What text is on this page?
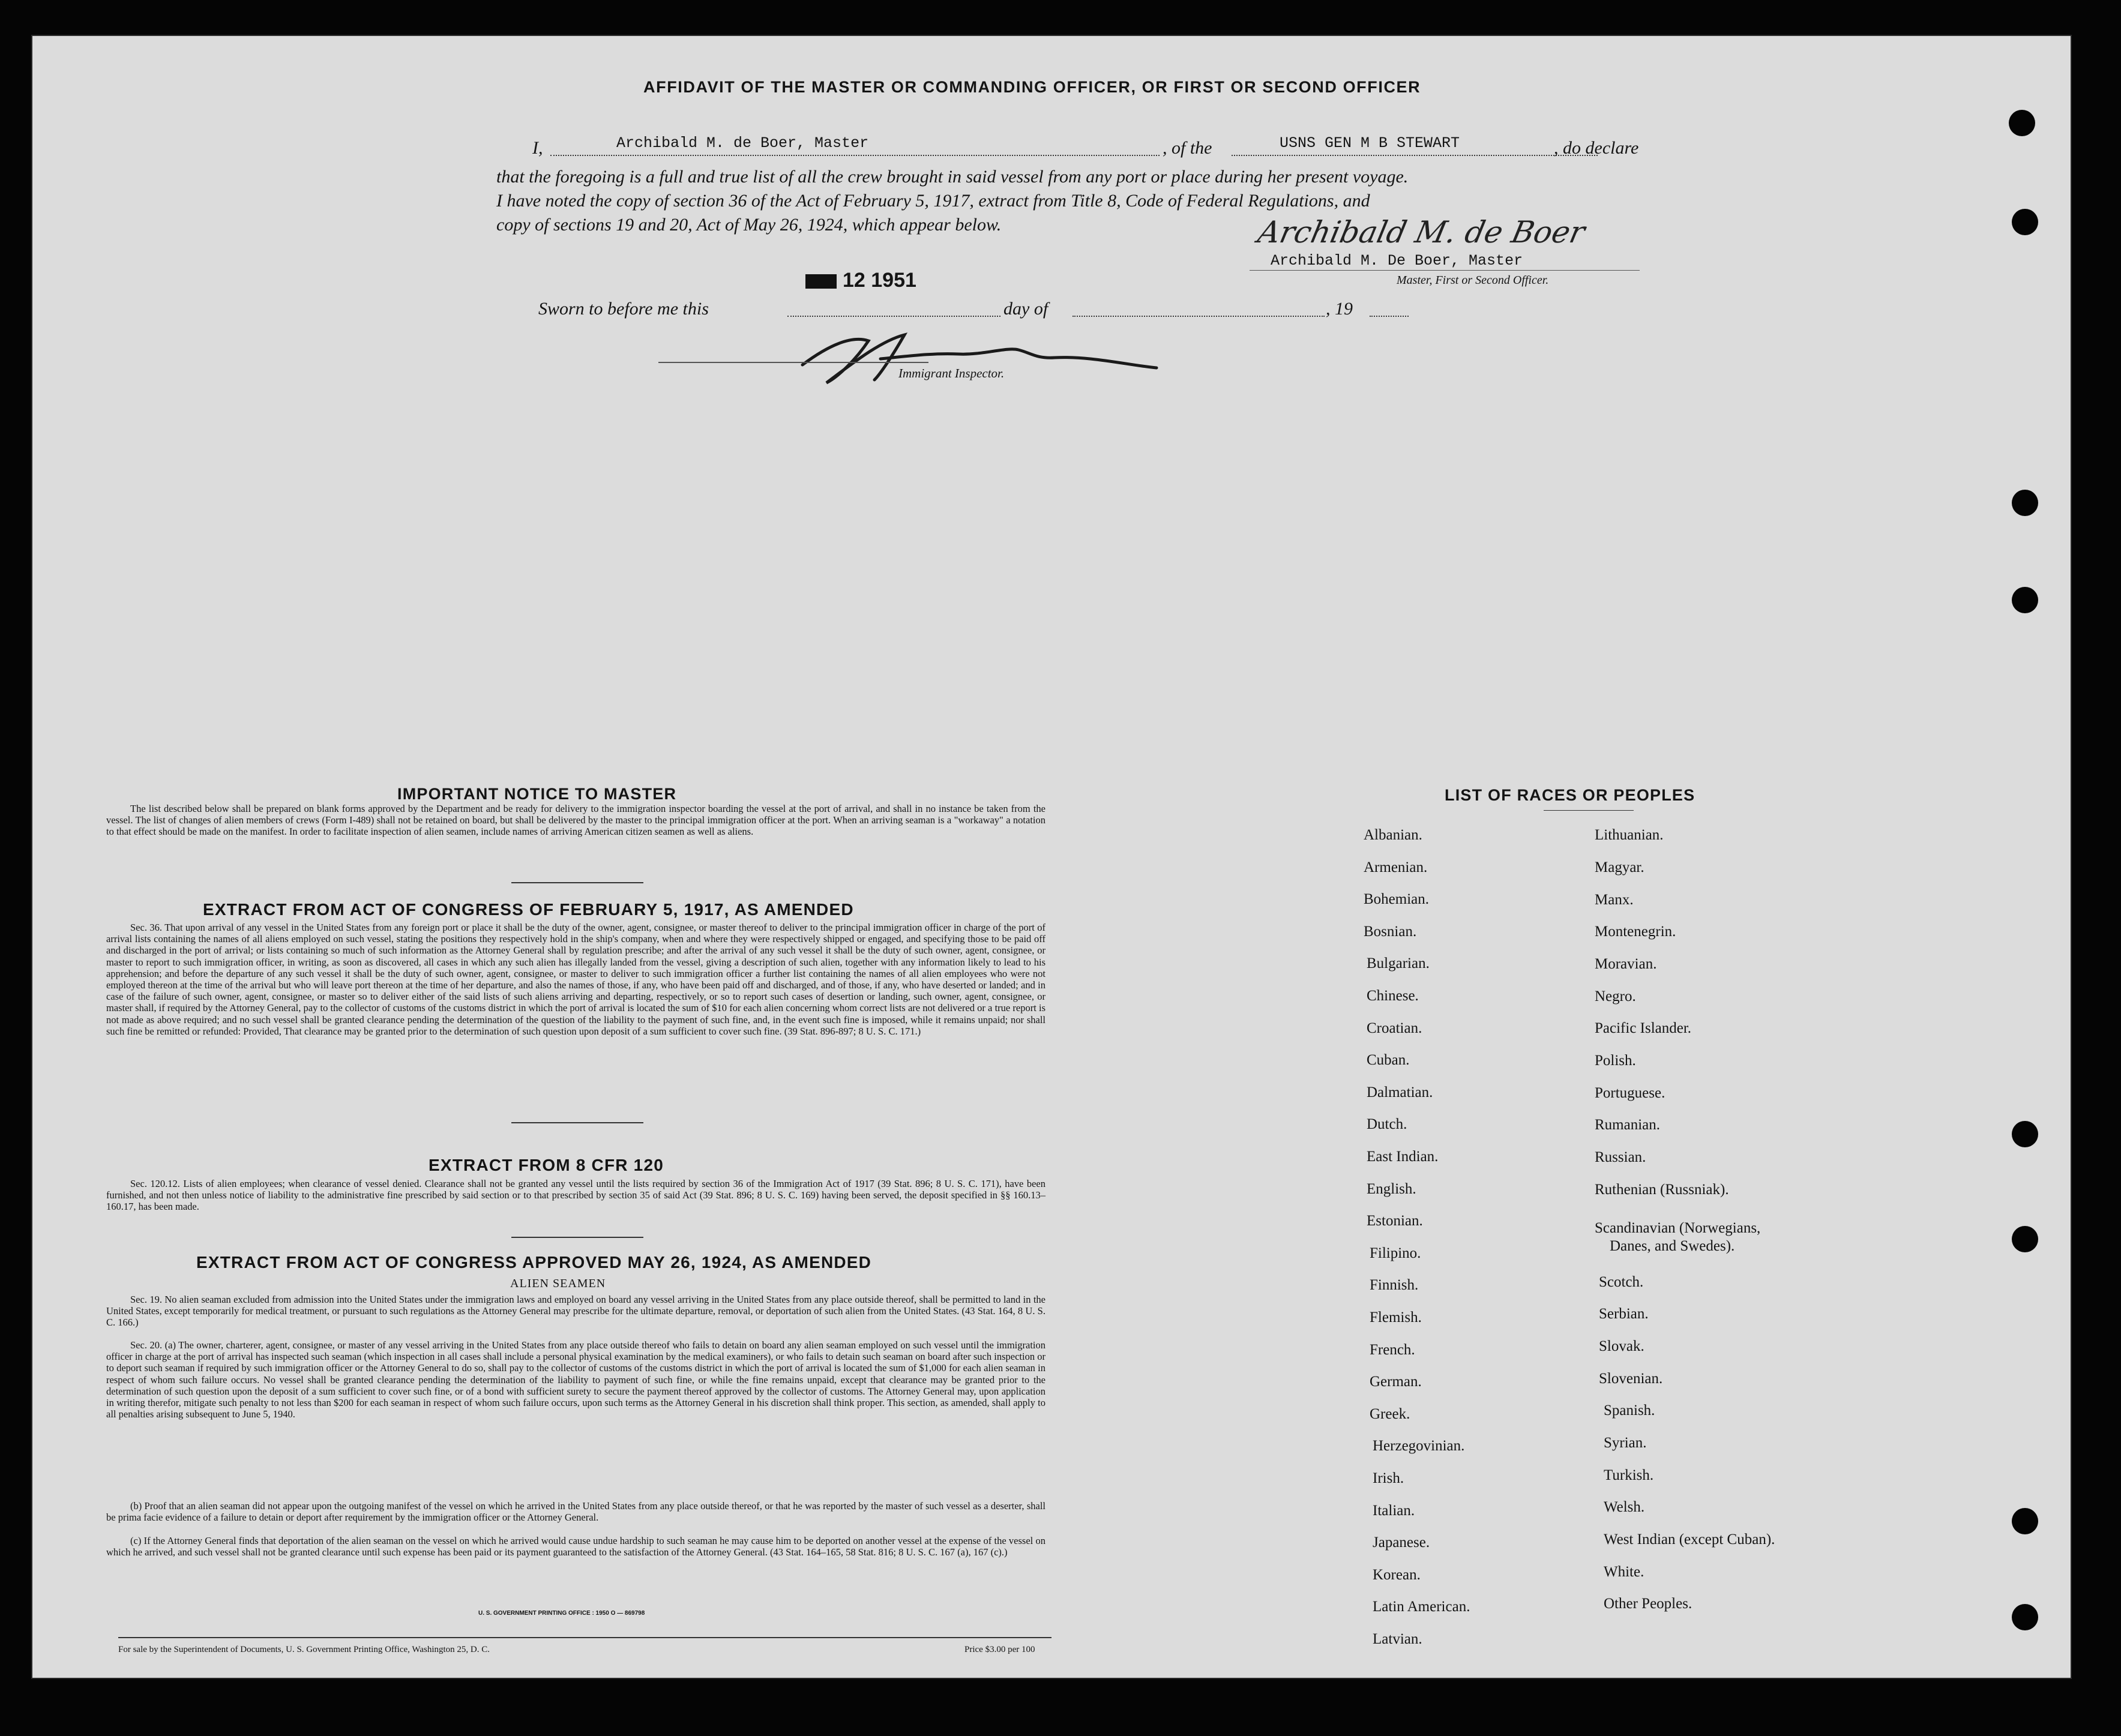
AFFIDAVIT OF THE MASTER OR COMMANDING OFFICER, OR FIRST OR SECOND OFFICER
I,	Archibald M. de Boer, Master	, of the	USNS GEN M B STEWART	, do declare
that the foregoing is a full and true list of all the crew brought in said vessel from any port or place during her present voyage.
I have noted the copy of section 36 of the Act of February 5, 1917, extract from Title 8, Code of Federal Regulations, and
copy of sections 19 and 20, Act of May 26, 1924, which appear below.	Archibald M. de Boer
Archibald M. De Boer, Master
Master, First or Second Officer.
12 1951
Sworn to before me this	day of	, 19
Immigrant Inspector.
IMPORTANT NOTICE TO MASTER
The list described below shall be prepared on blank forms approved by the Department and be ready for delivery to the immigration inspector boarding the vessel at the port of arrival, and shall in no instance be taken from the vessel. The list of changes of alien members of crews (Form I-489) shall not be retained on board, but shall be delivered by the master to the principal immigration officer at the port. When an arriving seaman is a "workaway" a notation to that effect should be made on the manifest. In order to facilitate inspection of alien seamen, include names of arriving American citizen seamen as well as aliens.
EXTRACT FROM ACT OF CONGRESS OF FEBRUARY 5, 1917, AS AMENDED
Sec. 36. That upon arrival of any vessel in the United States from any foreign port or place it shall be the duty of the owner, agent, consignee, or master thereof to deliver to the principal immigration officer in charge of the port of arrival lists containing the names of all aliens employed on such vessel, stating the positions they respectively hold in the ship's company, when and where they were respectively shipped or engaged, and specifying those to be paid off and discharged in the port of arrival; or lists containing so much of such information as the Attorney General shall by regulation prescribe; and after the arrival of any such vessel it shall be the duty of such owner, agent, consignee, or master to report to such immigration officer, in writing, as soon as discovered, all cases in which any such alien has illegally landed from the vessel, giving a description of such alien, together with any information likely to lead to his apprehension; and before the departure of any such vessel it shall be the duty of such owner, agent, consignee, or master to deliver to such immigration officer a further list containing the names of all alien employees who were not employed thereon at the time of the arrival but who will leave port thereon at the time of her departure, and also the names of those, if any, who have been paid off and discharged, and of those, if any, who have deserted or landed; and in case of the failure of such owner, agent, consignee, or master so to deliver either of the said lists of such aliens arriving and departing, respectively, or so to report such cases of desertion or landing, such owner, agent, consignee, or master shall, if required by the Attorney General, pay to the collector of customs of the customs district in which the port of arrival is located the sum of $10 for each alien concerning whom correct lists are not delivered or a true report is not made as above required; and no such vessel shall be granted clearance pending the determination of the question of the liability to the payment of such fine, and, in the event such fine is imposed, while it remains unpaid; nor shall such fine be remitted or refunded: Provided, That clearance may be granted prior to the determination of such question upon deposit of a sum sufficient to cover such fine. (39 Stat. 896-897; 8 U. S. C. 171.)
EXTRACT FROM 8 CFR 120
Sec. 120.12. Lists of alien employees; when clearance of vessel denied. Clearance shall not be granted any vessel until the lists required by section 36 of the Immigration Act of 1917 (39 Stat. 896; 8 U. S. C. 171), have been furnished, and not then unless notice of liability to the administrative fine prescribed by said section or to that prescribed by section 35 of said Act (39 Stat. 896; 8 U. S. C. 169) having been served, the deposit specified in §§ 160.13–160.17, has been made.
EXTRACT FROM ACT OF CONGRESS APPROVED MAY 26, 1924, AS AMENDED
ALIEN SEAMEN
Sec. 19. No alien seaman excluded from admission into the United States under the immigration laws and employed on board any vessel arriving in the United States from any place outside thereof, shall be permitted to land in the United States, except temporarily for medical treatment, or pursuant to such regulations as the Attorney General may prescribe for the ultimate departure, removal, or deportation of such alien from the United States. (43 Stat. 164, 8 U. S. C. 166.)
Sec. 20. (a) The owner, charterer, agent, consignee, or master of any vessel arriving in the United States from any place outside thereof who fails to detain on board any alien seaman employed on such vessel until the immigration officer in charge at the port of arrival has inspected such seaman (which inspection in all cases shall include a personal physical examination by the medical examiners), or who fails to detain such seaman on board after such inspection or to deport such seaman if required by such immigration officer or the Attorney General to do so, shall pay to the collector of customs of the customs district in which the port of arrival is located the sum of $1,000 for each alien seaman in respect of whom such failure occurs. No vessel shall be granted clearance pending the determination of the liability to payment of such fine, or while the fine remains unpaid, except that clearance may be granted prior to the determination of such question upon the deposit of a sum sufficient to cover such fine, or of a bond with sufficient surety to secure the payment thereof approved by the collector of customs. The Attorney General may, upon application in writing therefor, mitigate such penalty to not less than $200 for each seaman in respect of whom such failure occurs, upon such terms as the Attorney General in his discretion shall think proper. This section, as amended, shall apply to all penalties arising subsequent to June 5, 1940.
(b) Proof that an alien seaman did not appear upon the outgoing manifest of the vessel on which he arrived in the United States from any place outside thereof, or that he was reported by the master of such vessel as a deserter, shall be prima facie evidence of a failure to detain or deport after requirement by the immigration officer or the Attorney General.
(c) If the Attorney General finds that deportation of the alien seaman on the vessel on which he arrived would cause undue hardship to such seaman he may cause him to be deported on another vessel at the expense of the vessel on which he arrived, and such vessel shall not be granted clearance until such expense has been paid or its payment guaranteed to the satisfaction of the Attorney General. (43 Stat. 164–165, 58 Stat. 816; 8 U. S. C. 167 (a), 167 (c).)
U. S. GOVERNMENT PRINTING OFFICE : 1950 O — 869798
For sale by the Superintendent of Documents, U. S. Government Printing Office, Washington 25, D. C.	Price $3.00 per 100
LIST OF RACES OR PEOPLES
Albanian.
Armenian.
Bohemian.
Bosnian.
Bulgarian.
Chinese.
Croatian.
Cuban.
Dalmatian.
Dutch.
East Indian.
English.
Estonian.
Filipino.
Finnish.
Flemish.
French.
German.
Greek.
Herzegovinian.
Irish.
Italian.
Japanese.
Korean.
Latin American.
Latvian.
Lithuanian.
Magyar.
Manx.
Montenegrin.
Moravian.
Negro.
Pacific Islander.
Polish.
Portuguese.
Rumanian.
Russian.
Ruthenian (Russniak).
Scandinavian (Norwegians,
Danes, and Swedes).
Scotch.
Serbian.
Slovak.
Slovenian.
Spanish.
Syrian.
Turkish.
Welsh.
West Indian (except Cuban).
White.
Other Peoples.
